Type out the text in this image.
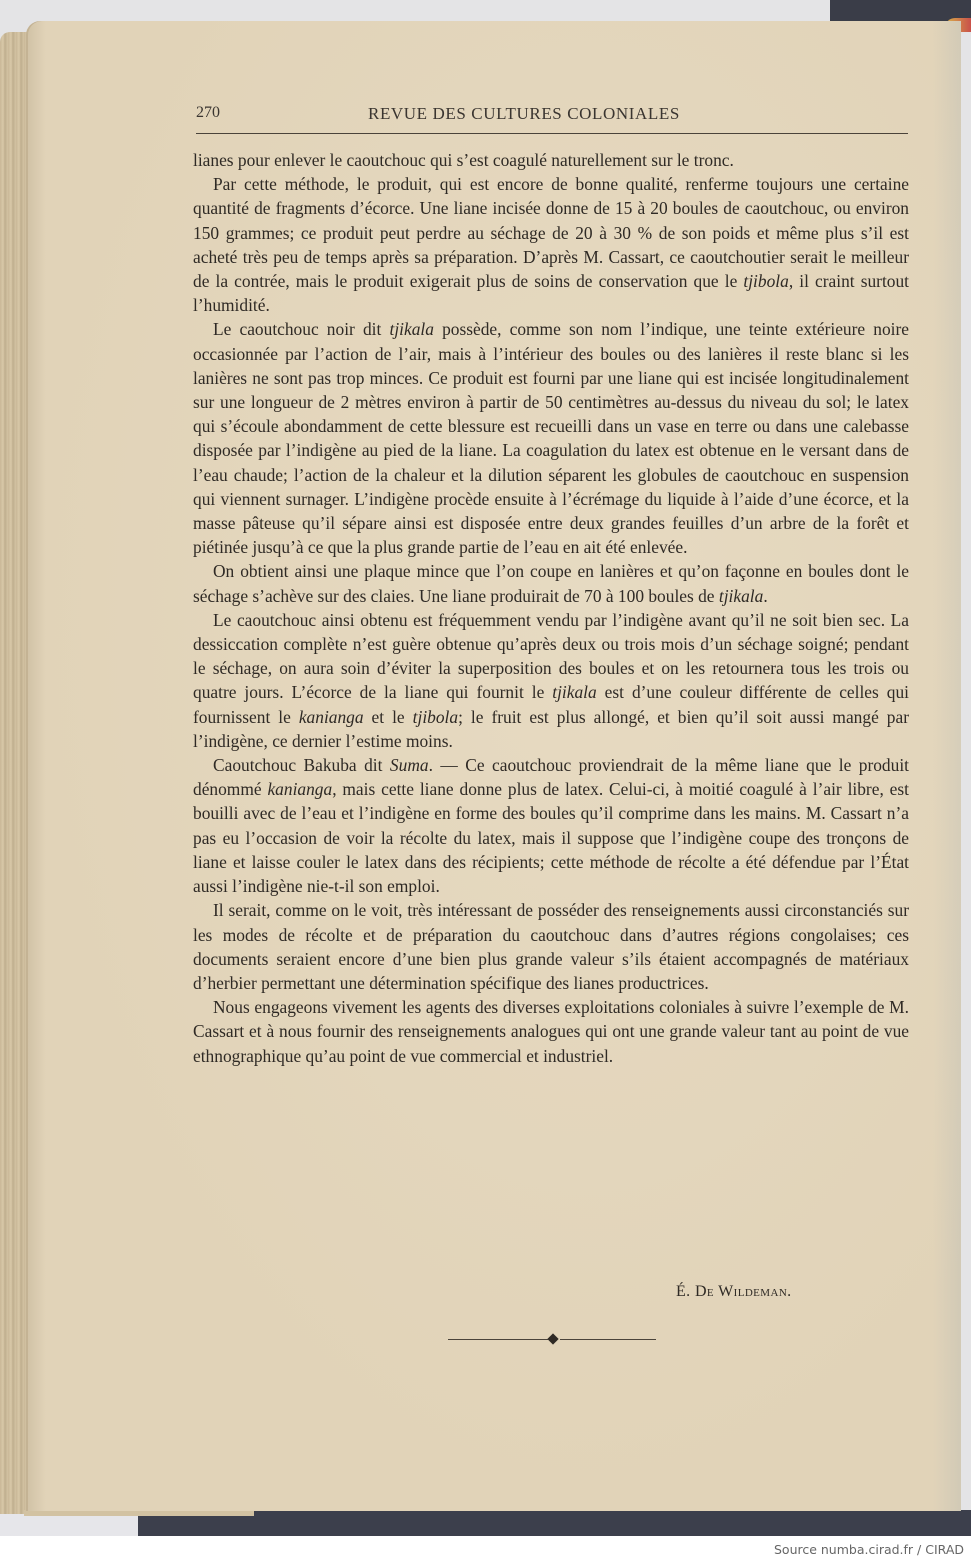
270	REVUE DES CULTURES COLONIALES

lianes pour enlever le caoutchouc qui s’est coagulé naturellement sur le tronc.

Par cette méthode, le produit, qui est encore de bonne qualité, renferme toujours une certaine quantité de fragments d’écorce. Une liane incisée donne de 15 à 20 boules de caoutchouc, ou environ 150 grammes; ce produit peut perdre au séchage de 20 à 30 % de son poids et même plus s’il est acheté très peu de temps après sa préparation. D’après M. Cassart, ce caoutchoutier serait le meilleur de la contrée, mais le produit exigerait plus de soins de conservation que le tjibola, il craint surtout l’humidité.

Le caoutchouc noir dit tjikala possède, comme son nom l’indique, une teinte extérieure noire occasionnée par l’action de l’air, mais à l’intérieur des boules ou des lanières il reste blanc si les lanières ne sont pas trop minces. Ce produit est fourni par une liane qui est incisée longitudinalement sur une longueur de 2 mètres environ à partir de 50 centimètres au-dessus du niveau du sol; le latex qui s’écoule abondamment de cette blessure est recueilli dans un vase en terre ou dans une calebasse disposée par l’indigène au pied de la liane. La coagulation du latex est obtenue en le versant dans de l’eau chaude; l’action de la chaleur et la dilution séparent les globules de caoutchouc en suspension qui viennent surnager. L’indigène procède ensuite à l’écrémage du liquide à l’aide d’une écorce, et la masse pâteuse qu’il sépare ainsi est disposée entre deux grandes feuilles d’un arbre de la forêt et piétinée jusqu’à ce que la plus grande partie de l’eau en ait été enlevée.

On obtient ainsi une plaque mince que l’on coupe en lanières et qu’on façonne en boules dont le séchage s’achève sur des claies. Une liane produirait de 70 à 100 boules de tjikala.

Le caoutchouc ainsi obtenu est fréquemment vendu par l’indigène avant qu’il ne soit bien sec. La dessiccation complète n’est guère obtenue qu’après deux ou trois mois d’un séchage soigné; pendant le séchage, on aura soin d’éviter la superposition des boules et on les retournera tous les trois ou quatre jours. L’écorce de la liane qui fournit le tjikala est d’une couleur différente de celles qui fournissent le kanianga et le tjibola; le fruit est plus allongé, et bien qu’il soit aussi mangé par l’indigène, ce dernier l’estime moins.

Caoutchouc Bakuba dit Suma. — Ce caoutchouc proviendrait de la même liane que le produit dénommé kanianga, mais cette liane donne plus de latex. Celui-ci, à moitié coagulé à l’air libre, est bouilli avec de l’eau et l’indigène en forme des boules qu’il comprime dans les mains. M. Cassart n’a pas eu l’occasion de voir la récolte du latex, mais il suppose que l’indigène coupe des tronçons de liane et laisse couler le latex dans des récipients; cette méthode de récolte a été défendue par l’État aussi l’indigène nie-t-il son emploi.

Il serait, comme on le voit, très intéressant de posséder des renseignements aussi circonstanciés sur les modes de récolte et de préparation du caoutchouc dans d’autres régions congolaises; ces documents seraient encore d’une bien plus grande valeur s’ils étaient accompagnés de matériaux d’herbier permettant une détermination spécifique des lianes productrices.

Nous engageons vivement les agents des diverses exploitations coloniales à suivre l’exemple de M. Cassart et à nous fournir des renseignements analogues qui ont une grande valeur tant au point de vue ethnographique qu’au point de vue commercial et industriel.

É. De Wildeman.
Source numba.cirad.fr / CIRAD
